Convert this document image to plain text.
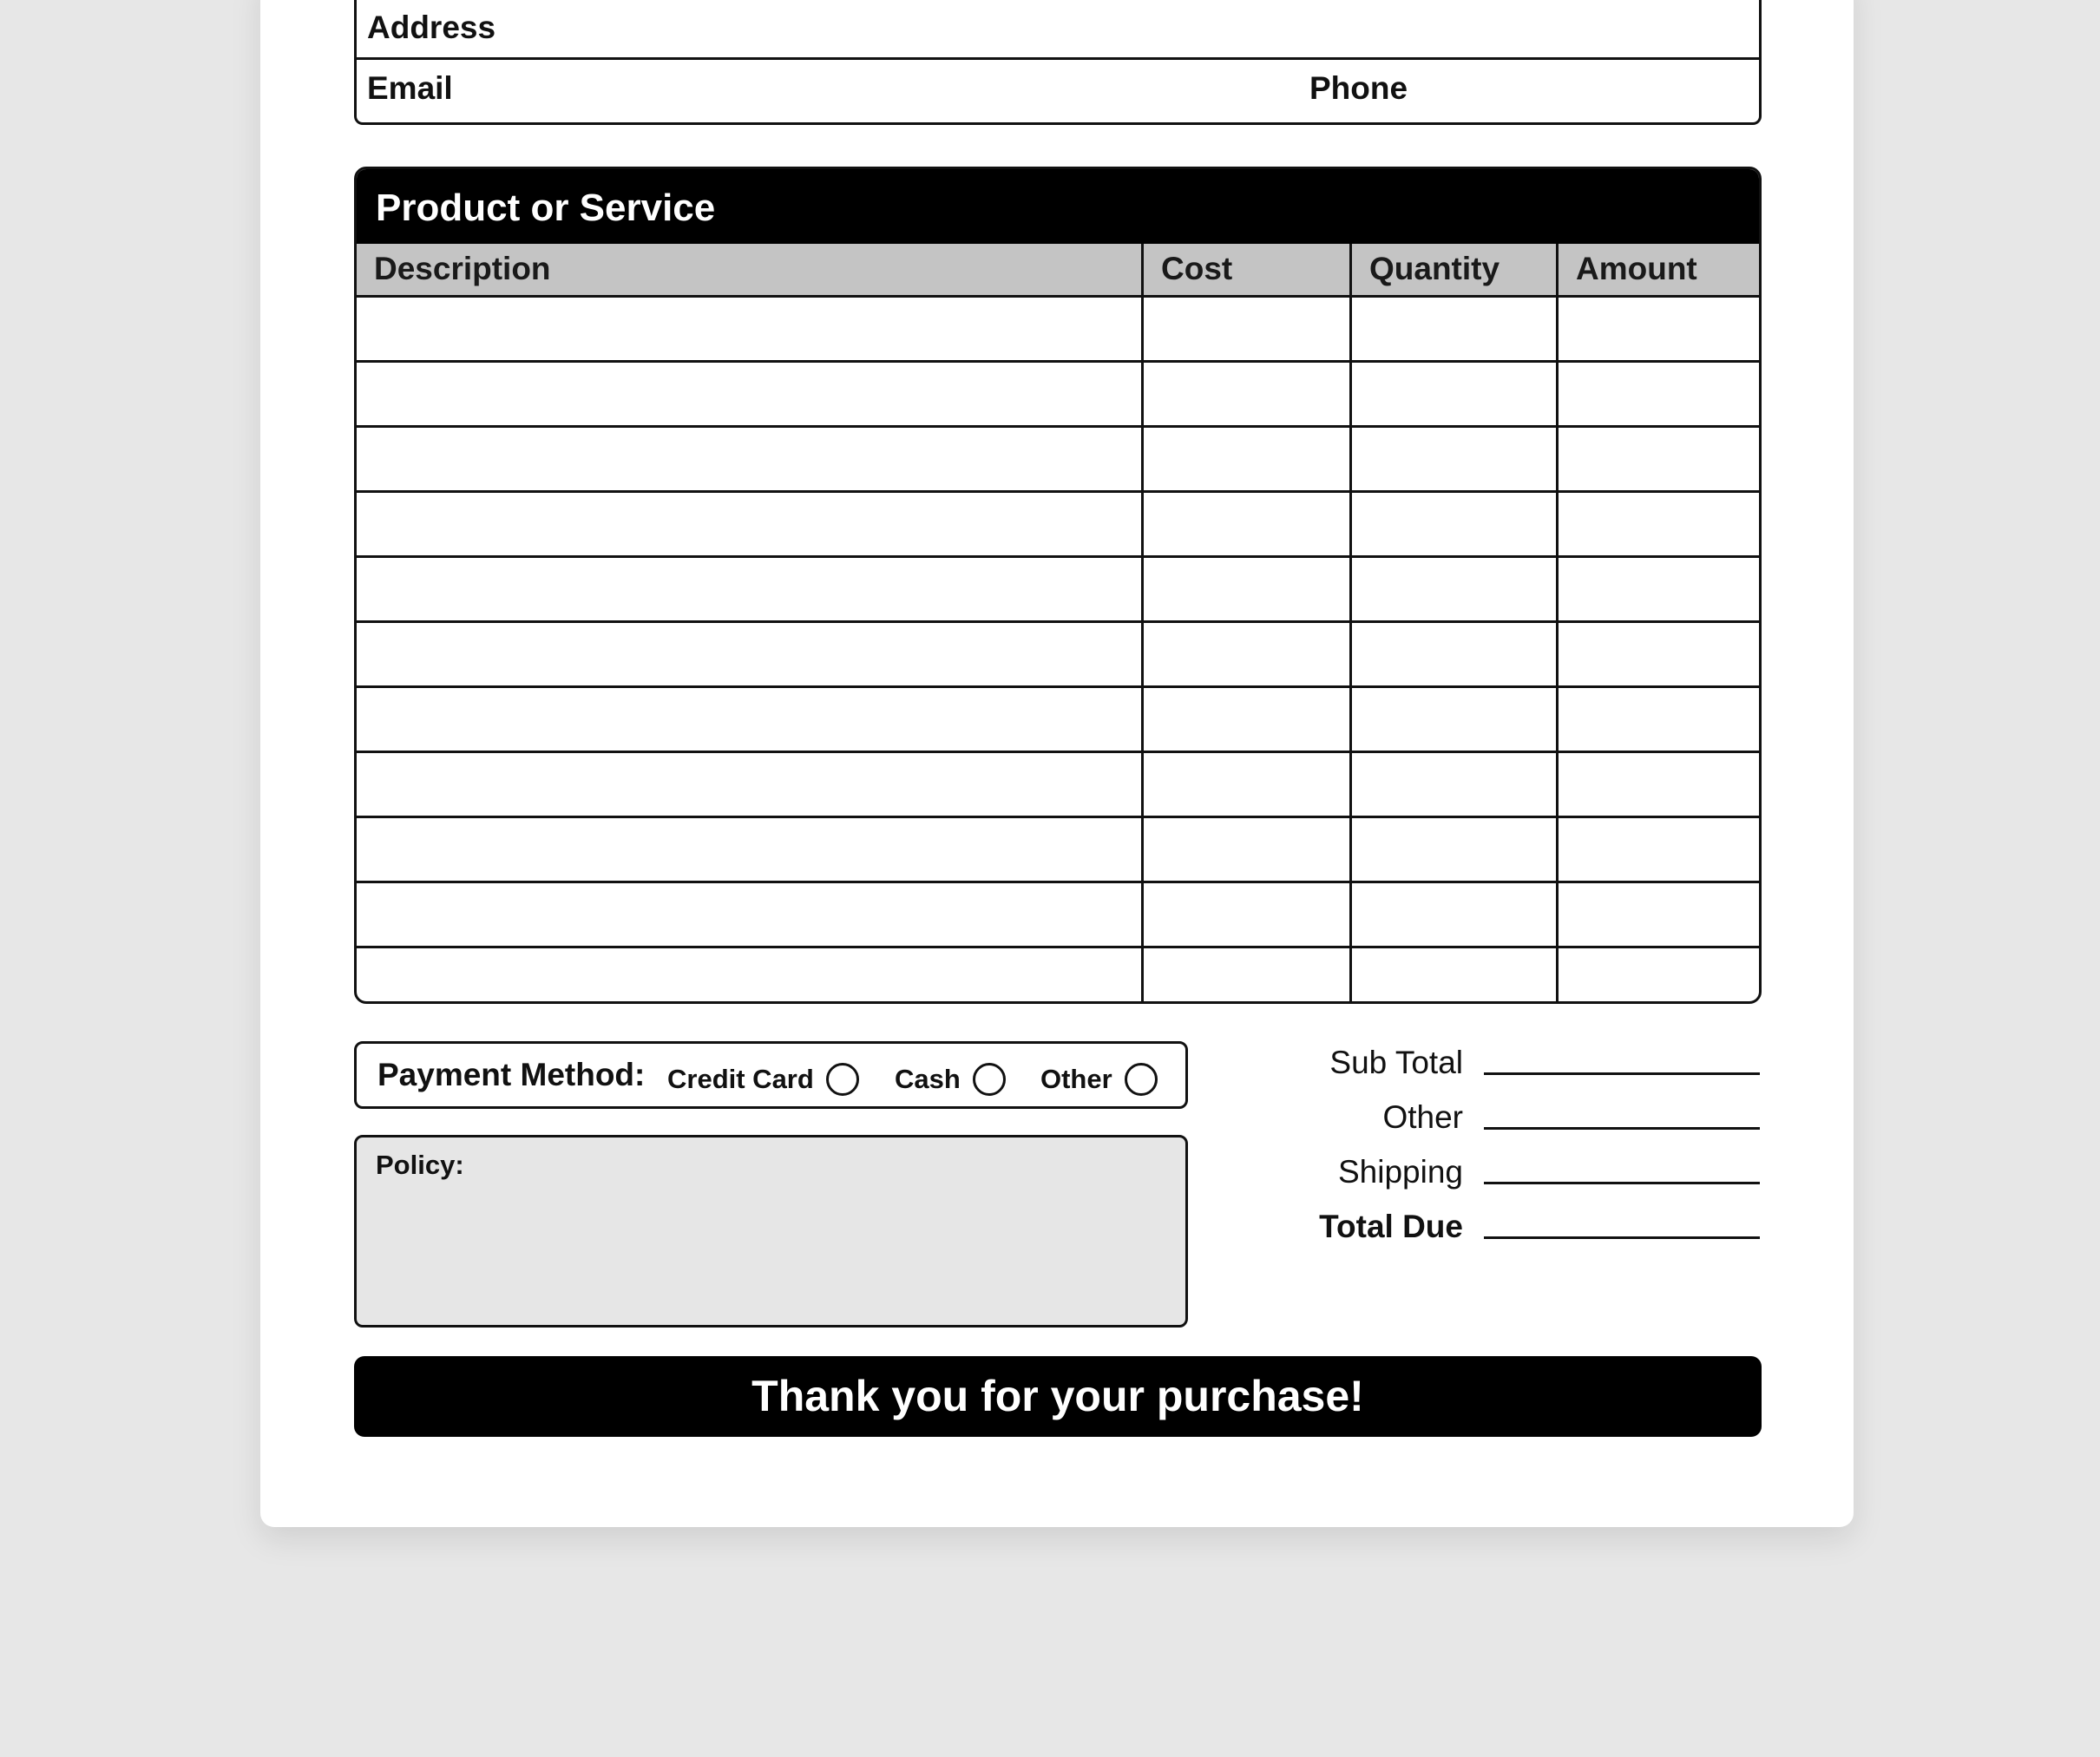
Address
Email	Phone
Product or Service
Description	Cost	Quantity	Amount
Payment Method: Credit Card	Cash	Other
Policy:
Sub Total
Other
Shipping
Total Due
Thank you for your purchase!
